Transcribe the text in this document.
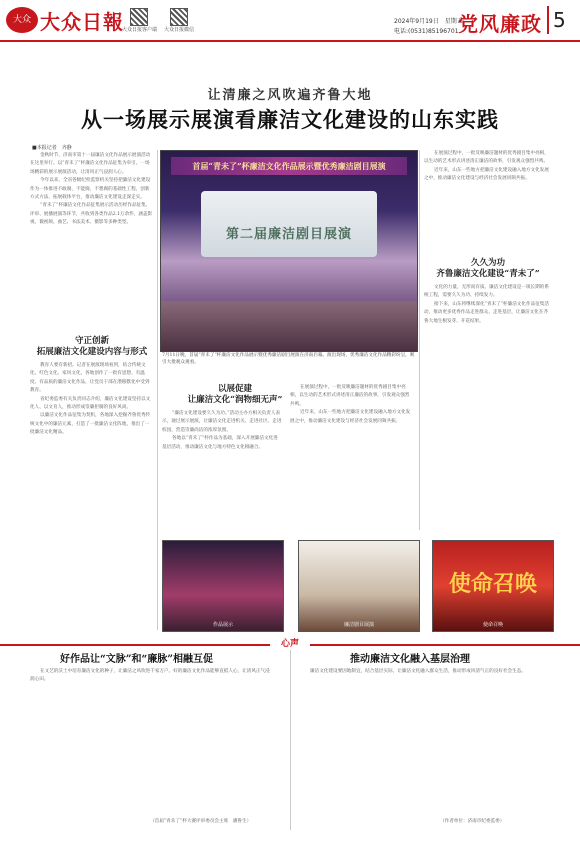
大众 大众日報
大众日报客户端 大众日报微信
2024年9月19日　星期五
电话:(0531)85196701 党风廉政 5
让清廉之风吹遍齐鲁大地
从一场展示展演看廉洁文化建设的山东实践
■本报记者　齐静

金秋时节，济南市第十一届廉洁文化作品展示展演活动在这里举行。以“青未了”杯廉洁文化作品征集为牵引，一场场精彩的展示展演活动，让清风正气浸润人心。

今年以来，全省各级纪检监察机关坚持把廉洁文化建设作为一体推进不敢腐、不能腐、不想腐的基础性工程，创新方式方法，拓展载体平台，推动廉洁文化建设走深走实。

“青未了”杯廉洁文化作品征集展示活动历经作品征集、评审、展播展演等环节，共收到各类作品2.1万余件，涵盖影视、微视频、曲艺、书法美术、摄影等多种类型。

守正创新
拓展廉洁文化建设内容与形式

教育人要有新招。记者在展演现场看到，结合传统文化、红色文化、家风文化，各地创作了一批有思想、有温度、有品质的廉洁文化作品，让党员干部在潜移默化中受到教育。

省纪委监委有关负责同志介绍，廉洁文化建设坚持以文化人、以文育人，推动形成崇廉拒腐的良好风尚。

以廉洁文化作品征集为契机，各地深入挖掘齐鲁优秀传统文化中的廉洁元素，打造了一批廉洁文化阵地，推出了一批廉洁文化精品。

首届“青未了”杯廉洁文化作品展示暨优秀廉洁剧目展演
第二届廉洁剧目展演
7月11日晚，首届“青未了”杯廉洁文化作品展示暨优秀廉洁剧目展演在济南启幕。演出现场，优秀廉洁文化作品精彩纷呈，吸引大批观众观看。
以展促建
让廉洁文化“润物细无声”

“廉洁文化建设要久久为功。”活动主办方相关负责人表示，通过展示展演，让廉洁文化走进机关、走进社区、走进校园，营造崇廉尚洁的浓厚氛围。

各地以“青未了”杯作品为基础，深入开展廉洁文化进基层活动，推动廉洁文化与地方特色文化相融合。

在展演过程中，一批反映廉洁题材的优秀剧目集中亮相，以生动的艺术形式讲述清正廉洁的故事，引发观众强烈共鸣。

近年来，山东一些地方把廉洁文化建设融入地方文化发展之中，推动廉洁文化建设与经济社会发展同频共振。

在展演过程中，一批反映廉洁题材的优秀剧目集中亮相，以生动的艺术形式讲述清正廉洁的故事，引发观众强烈共鸣。

近年来，山东一些地方把廉洁文化建设融入地方文化发展之中，推动廉洁文化建设与经济社会发展同频共振。

久久为功
齐鲁廉洁文化建设“青未了”

文化的力量，无形而有质。廉洁文化建设是一项长期的系统工程，需要久久为功、持续发力。

接下来，山东将继续深化“青未了”杯廉洁文化作品征集活动，推动更多优秀作品走进群众、走进基层，让廉洁文化在齐鲁大地生根发芽、开花结果。

作品展示	廉洁剧目展演
使命召唤
使命召唤
心声
好作品让“文脉”和“廉脉”相融互促

在文艺的沃土中培育廉洁文化的种子，让廉洁之风吹进千家万户。好的廉洁文化作品能够直抵人心，让清风正气浸润心田。

（首届“青未了”杯大赛评审委员会主席　潘鲁生）
推动廉洁文化融入基层治理

廉洁文化建设要因地制宜，结合基层实际，让廉洁文化融入群众生活，推动形成风清气正的良好社会生态。

（作者单位：济南市纪委监委）
